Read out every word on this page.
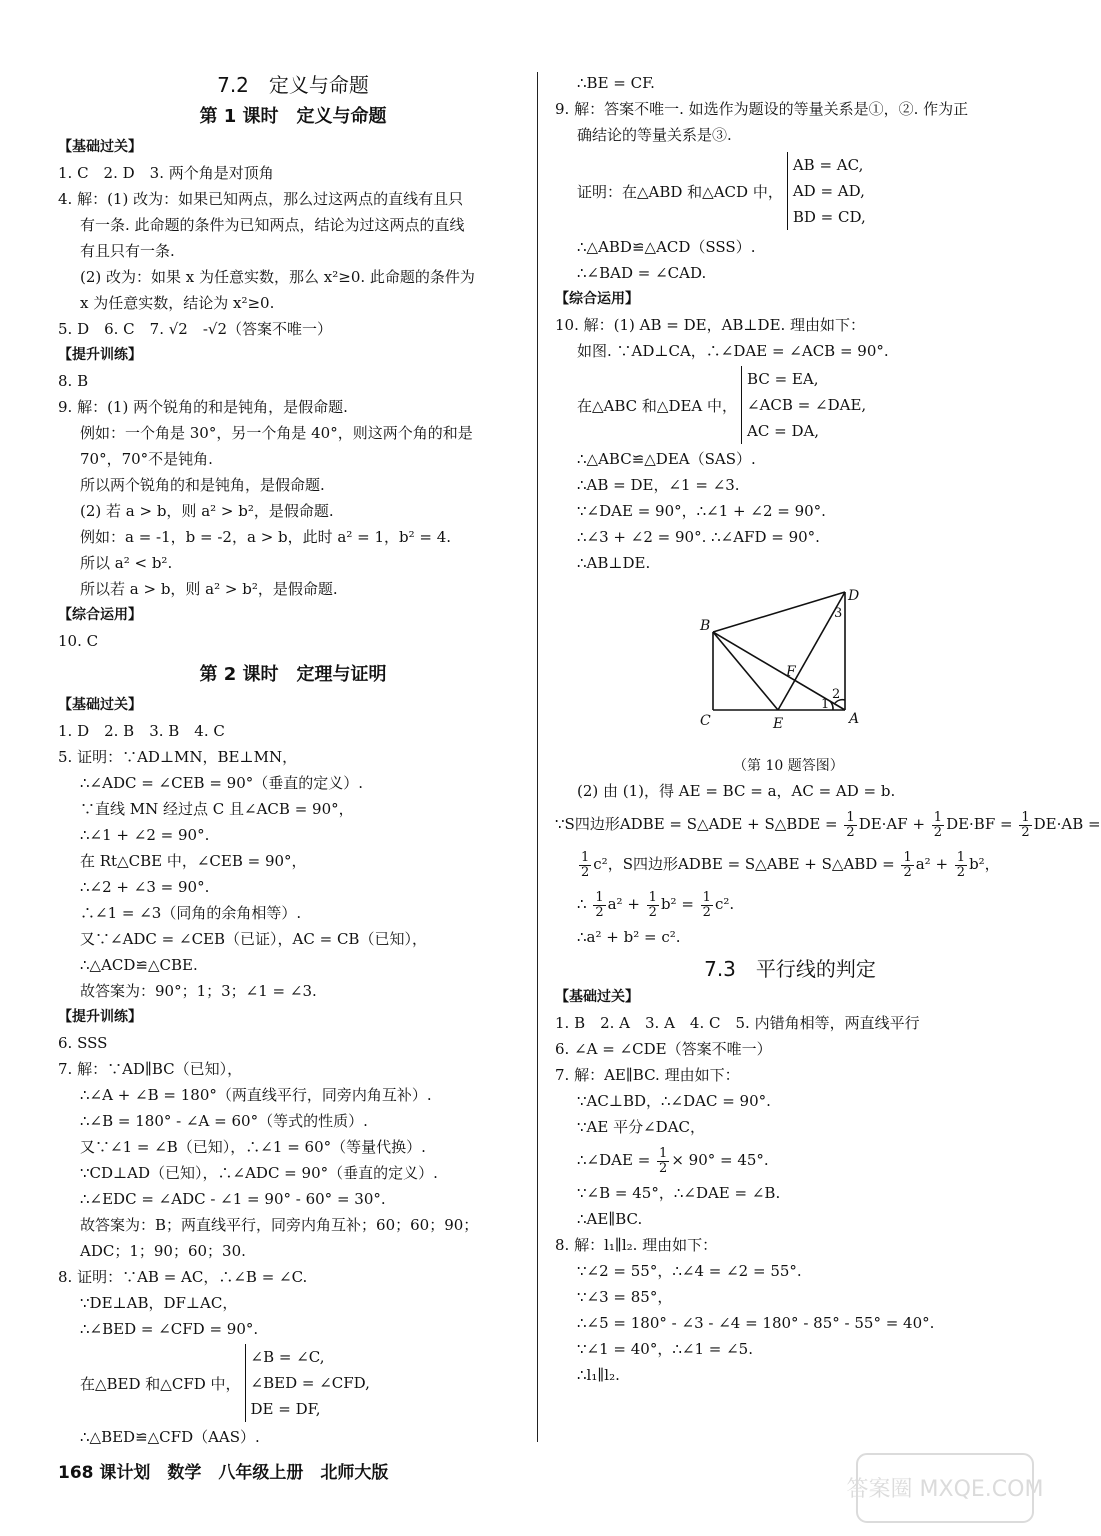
7.2　定义与命题
第 1 课时　定义与命题
【基础过关】
1. C　2. D　3. 两个角是对顶角
4. 解：(1) 改为：如果已知两点，那么过这两点的直线有且只
有一条. 此命题的条件为已知两点，结论为过这两点的直线
有且只有一条.
(2) 改为：如果 x 为任意实数，那么 x²≥0. 此命题的条件为
x 为任意实数，结论为 x²≥0.
5. D　6. C　7. √2　-√2（答案不唯一）
【提升训练】
8. B
9. 解：(1) 两个锐角的和是钝角，是假命题.
例如：一个角是 30°，另一个角是 40°，则这两个角的和是
70°，70°不是钝角.
所以两个锐角的和是钝角，是假命题.
(2) 若 a > b，则 a² > b²，是假命题.
例如：a = -1，b = -2，a > b，此时 a² = 1，b² = 4.
所以 a² < b².
所以若 a > b，则 a² > b²，是假命题.
【综合运用】
10. C
第 2 课时　定理与证明
【基础过关】
1. D　2. B　3. B　4. C
5. 证明：∵AD⊥MN，BE⊥MN，
∴∠ADC = ∠CEB = 90°（垂直的定义）.
∵直线 MN 经过点 C 且∠ACB = 90°，
∴∠1 + ∠2 = 90°.
在 Rt△CBE 中，∠CEB = 90°，
∴∠2 + ∠3 = 90°.
∴∠1 = ∠3（同角的余角相等）.
又∵∠ADC = ∠CEB（已证），AC = CB（已知），
∴△ACD≌△CBE.
故答案为：90°；1；3；∠1 = ∠3.
【提升训练】
6. SSS
7. 解：∵AD∥BC（已知），
∴∠A + ∠B = 180°（两直线平行，同旁内角互补）.
∴∠B = 180° - ∠A = 60°（等式的性质）.
又∵∠1 = ∠B（已知），∴∠1 = 60°（等量代换）.
∵CD⊥AD（已知），∴∠ADC = 90°（垂直的定义）.
∴∠EDC = ∠ADC - ∠1 = 90° - 60° = 30°.
故答案为：B；两直线平行，同旁内角互补；60；60；90；
ADC；1；90；60；30.
8. 证明：∵AB = AC，∴∠B = ∠C.
∵DE⊥AB，DF⊥AC，
∴∠BED = ∠CFD = 90°.
在△BED 和△CFD 中，
∠B = ∠C,
∠BED = ∠CFD,
DE = DF,
∴△BED≌△CFD（AAS）.
∴BE = CF.
9. 解：答案不唯一. 如选作为题设的等量关系是①，②. 作为正
确结论的等量关系是③.
证明：在△ABD 和△ACD 中，
AB = AC,
AD = AD,
BD = CD,
∴△ABD≌△ACD（SSS）.
∴∠BAD = ∠CAD.
【综合运用】
10. 解：(1) AB = DE，AB⊥DE. 理由如下：
如图. ∵AD⊥CA，∴∠DAE = ∠ACB = 90°.
在△ABC 和△DEA 中，
BC = EA,
∠ACB = ∠DAE,
AC = DA,
∴△ABC≌△DEA（SAS）.
∴AB = DE，∠1 = ∠3.
∵∠DAE = 90°，∴∠1 + ∠2 = 90°.
∴∠3 + ∠2 = 90°. ∴∠AFD = 90°.
∴AB⊥DE.
D
B
F
C	E	A
1
2
3
（第 10 题答图）
(2) 由 (1)，得 AE = BC = a，AC = AD = b.
∵S四边形ADBE = S△ADE + S△BDE = $\frac{1}{2} DE\cdot AF + \frac{1}{2} DE\cdot BF = \frac{1}{2} DE\cdot AB$ =
$\frac{1}{2} c^2$，S四边形ADBE = S△ABE + S△ABD = $\frac{1}{2} a^2 + \frac{1}{2} b^2$，
∴ $\frac{1}{2} a^2 + \frac{1}{2} b^2 = \frac{1}{2} c^2$.
∴a² + b² = c².
7.3　平行线的判定
【基础过关】
1. B　2. A　3. A　4. C　5. 内错角相等，两直线平行
6. ∠A = ∠CDE（答案不唯一）
7. 解：AE∥BC. 理由如下：
∵AC⊥BD，∴∠DAC = 90°.
∵AE 平分∠DAC，
∴∠DAE = $\frac{1}{2} \times 90^\circ = 45^\circ$.
∵∠B = 45°，∴∠DAE = ∠B.
∴AE∥BC.
8. 解：l₁∥l₂. 理由如下：
∵∠2 = 55°，∴∠4 = ∠2 = 55°.
∵∠3 = 85°，
∴∠5 = 180° - ∠3 - ∠4 = 180° - 85° - 55° = 40°.
∵∠1 = 40°，∴∠1 = ∠5.
∴l₁∥l₂.
168 课计划　数学　八年级上册　北师大版
答案圈 MXQE.COM
